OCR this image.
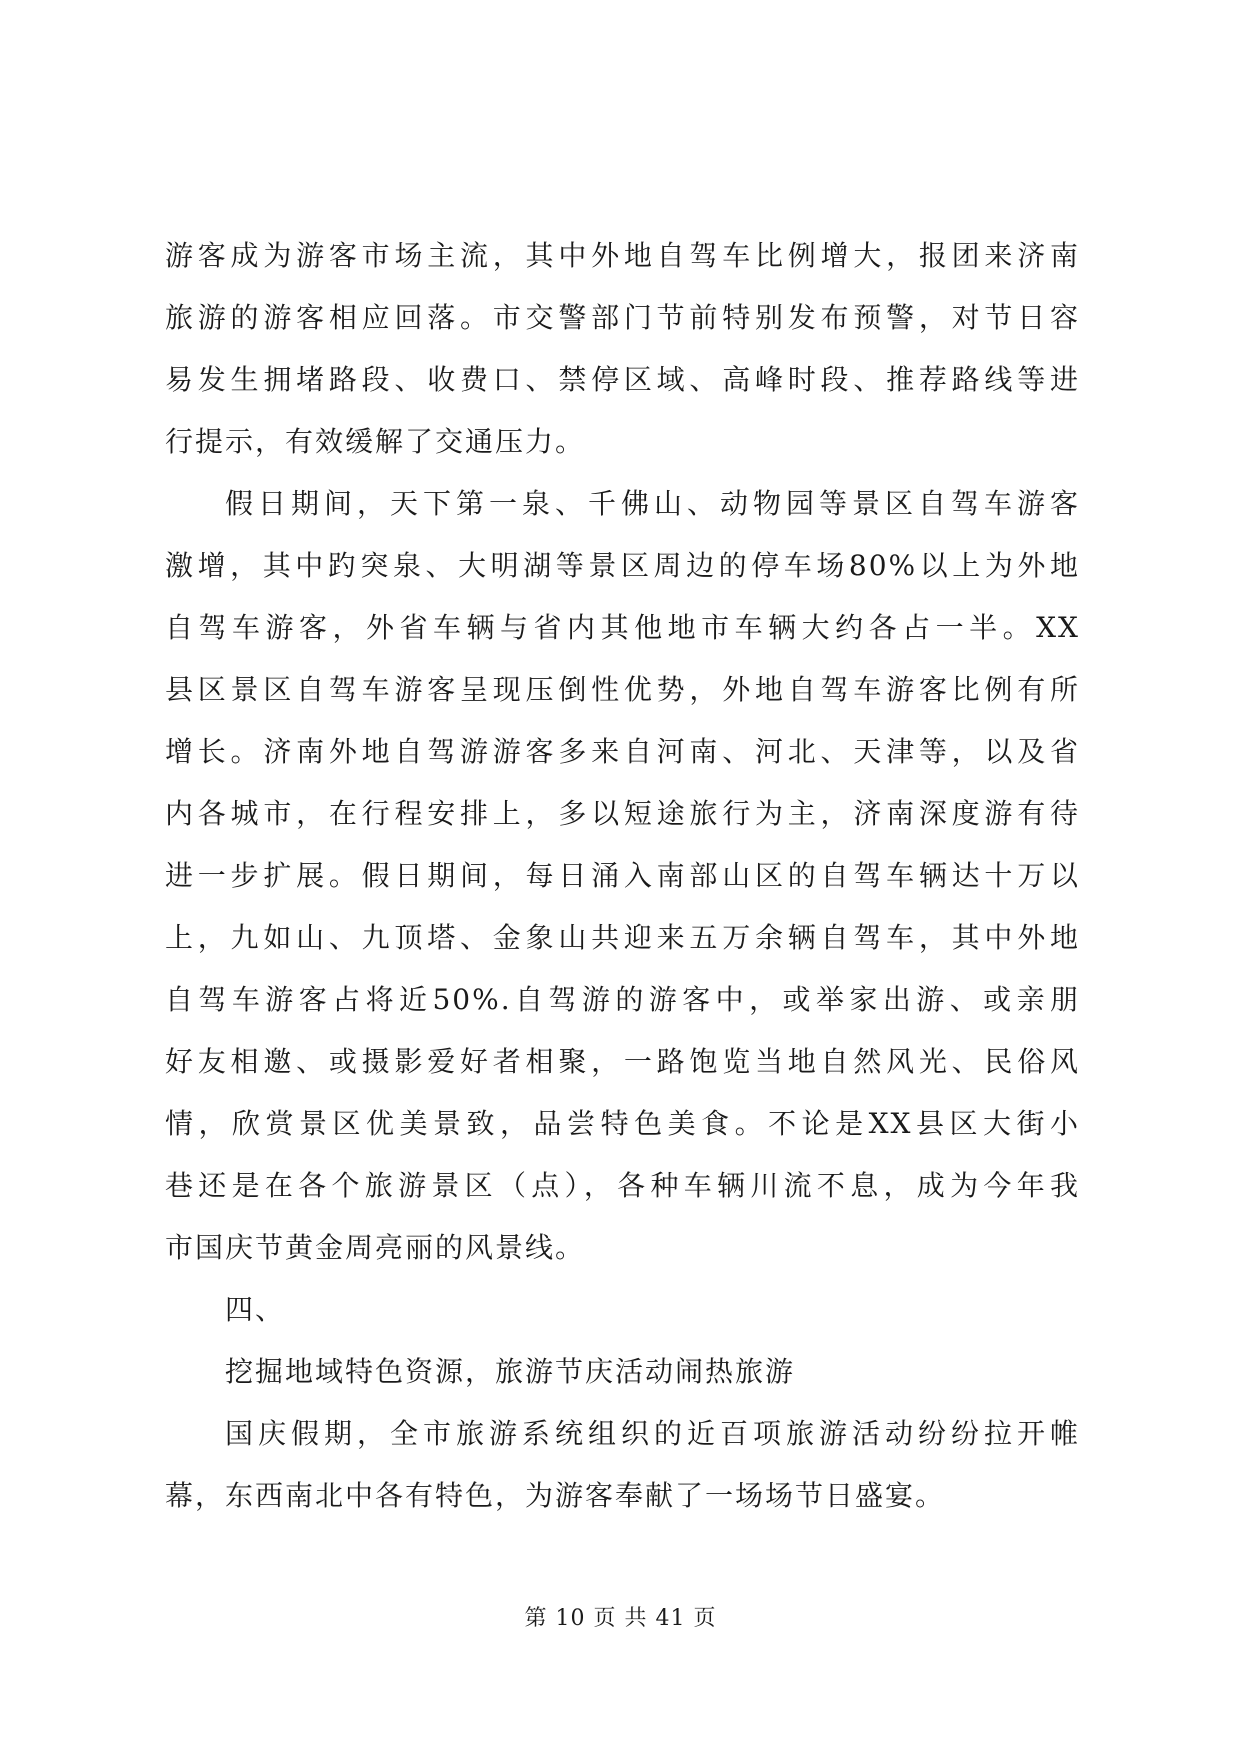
游客成为游客市场主流，其中外地自驾车比例增大，报团来济南
旅游的游客相应回落。市交警部门节前特别发布预警，对节日容
易发生拥堵路段、收费口、禁停区域、高峰时段、推荐路线等进
行提示，有效缓解了交通压力。
假日期间，天下第一泉、千佛山、动物园等景区自驾车游客
激增，其中趵突泉、大明湖等景区周边的停车场80%以上为外地
自驾车游客，外省车辆与省内其他地市车辆大约各占一半。XX
县区景区自驾车游客呈现压倒性优势，外地自驾车游客比例有所
增长。济南外地自驾游游客多来自河南、河北、天津等，以及省
内各城市，在行程安排上，多以短途旅行为主，济南深度游有待
进一步扩展。假日期间，每日涌入南部山区的自驾车辆达十万以
上，九如山、九顶塔、金象山共迎来五万余辆自驾车，其中外地
自驾车游客占将近50%.自驾游的游客中，或举家出游、或亲朋
好友相邀、或摄影爱好者相聚，一路饱览当地自然风光、民俗风
情，欣赏景区优美景致，品尝特色美食。不论是XX县区大街小
巷还是在各个旅游景区（点），各种车辆川流不息，成为今年我
市国庆节黄金周亮丽的风景线。
四、
挖掘地域特色资源，旅游节庆活动闹热旅游
国庆假期，全市旅游系统组织的近百项旅游活动纷纷拉开帷
幕，东西南北中各有特色，为游客奉献了一场场节日盛宴。
第 10 页 共 41 页
